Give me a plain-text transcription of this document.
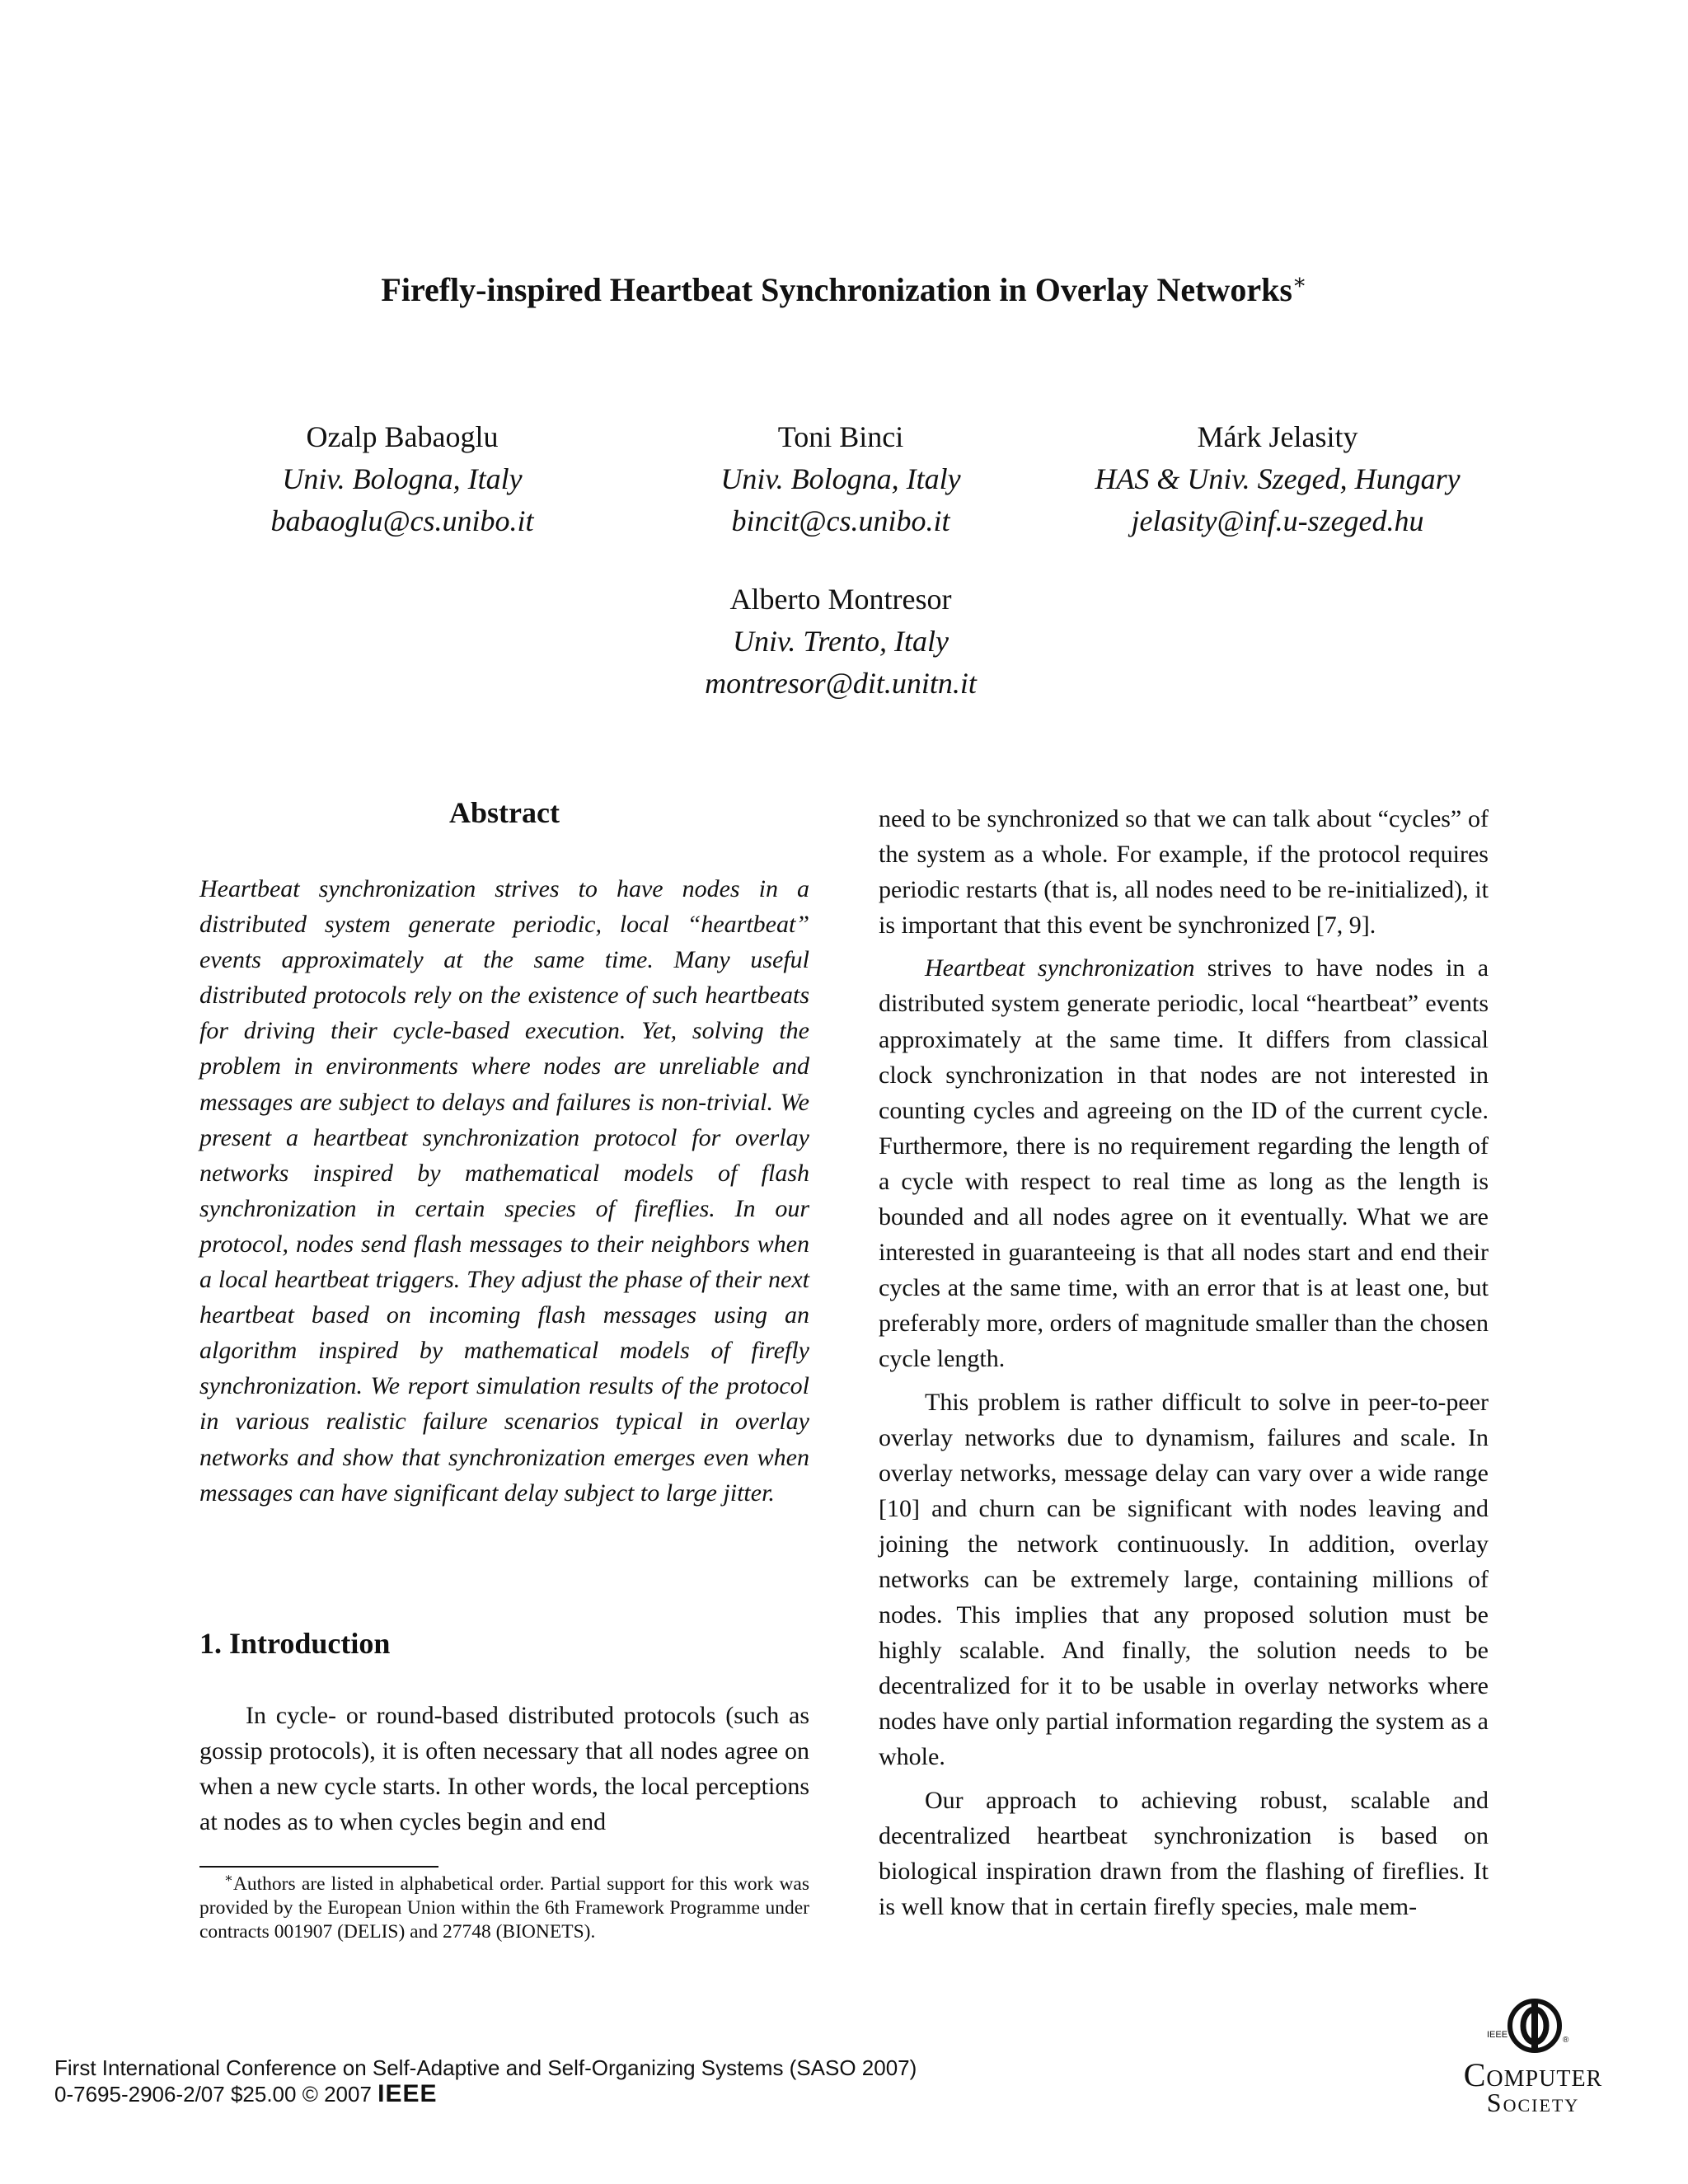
Firefly-inspired Heartbeat Synchronization in Overlay Networks∗
Ozalp Babaoglu
Univ. Bologna, Italy
babaoglu@cs.unibo.it
Toni Binci
Univ. Bologna, Italy
bincit@cs.unibo.it
Márk Jelasity
HAS & Univ. Szeged, Hungary
jelasity@inf.u-szeged.hu
Alberto Montresor
Univ. Trento, Italy
montresor@dit.unitn.it
Abstract

Heartbeat synchronization strives to have nodes in a distributed system generate periodic, local “heartbeat” events approximately at the same time. Many useful distributed protocols rely on the existence of such heartbeats for driving their cycle-based execution. Yet, solving the problem in environments where nodes are unreliable and messages are subject to delays and failures is non-trivial. We present a heartbeat synchronization protocol for overlay networks inspired by mathematical models of flash synchronization in certain species of fireflies. In our protocol, nodes send flash messages to their neighbors when a local heartbeat triggers. They adjust the phase of their next heartbeat based on incoming flash messages using an algorithm inspired by mathematical models of firefly synchronization. We report simulation results of the protocol in various realistic failure scenarios typical in overlay networks and show that synchronization emerges even when messages can have significant delay subject to large jitter.

1. Introduction

In cycle- or round-based distributed protocols (such as gossip protocols), it is often necessary that all nodes agree on when a new cycle starts. In other words, the local perceptions at nodes as to when cycles begin and end

∗Authors are listed in alphabetical order. Partial support for this work was provided by the European Union within the 6th Framework Programme under contracts 001907 (DELIS) and 27748 (BIONETS).

need to be synchronized so that we can talk about “cycles” of the system as a whole. For example, if the protocol requires periodic restarts (that is, all nodes need to be re-initialized), it is important that this event be synchronized [7, 9].

Heartbeat synchronization strives to have nodes in a distributed system generate periodic, local “heartbeat” events approximately at the same time. It differs from classical clock synchronization in that nodes are not interested in counting cycles and agreeing on the ID of the current cycle. Furthermore, there is no requirement regarding the length of a cycle with respect to real time as long as the length is bounded and all nodes agree on it eventually. What we are interested in guaranteeing is that all nodes start and end their cycles at the same time, with an error that is at least one, but preferably more, orders of magnitude smaller than the chosen cycle length.

This problem is rather difficult to solve in peer-to-peer overlay networks due to dynamism, failures and scale. In overlay networks, message delay can vary over a wide range [10] and churn can be significant with nodes leaving and joining the network continuously. In addition, overlay networks can be extremely large, containing millions of nodes. This implies that any proposed solution must be highly scalable. And finally, the solution needs to be decentralized for it to be usable in overlay networks where nodes have only partial information regarding the system as a whole.

Our approach to achieving robust, scalable and decentralized heartbeat synchronization is based on biological inspiration drawn from the flashing of fireflies. It is well know that in certain firefly species, male mem-

First International Conference on Self-Adaptive and Self-Organizing Systems (SASO 2007)
0-7695-2906-2/07 $25.00 © 2007 IEEE
IEEE
®
Computer
Society
